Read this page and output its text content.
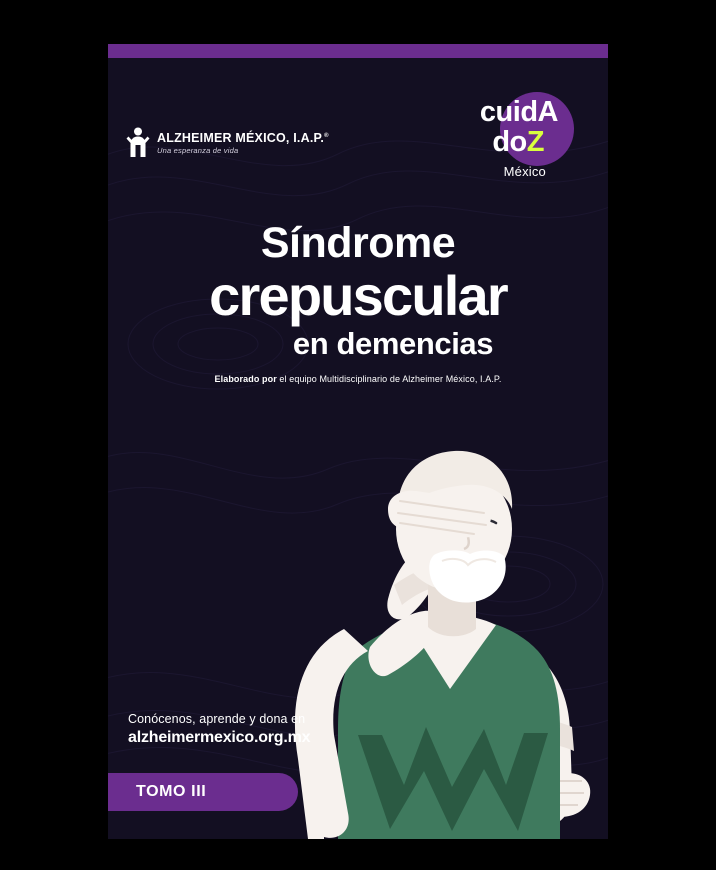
ALZHEIMER MÉXICO, I.A.P.®
Una esperanza de vida
cuidA
doZ
México
Síndrome
crepuscular
en demencias
Elaborado por el equipo Multidisciplinario de Alzheimer México, I.A.P.
Conócenos, aprende y dona en
alzheimermexico.org.mx
TOMO III
